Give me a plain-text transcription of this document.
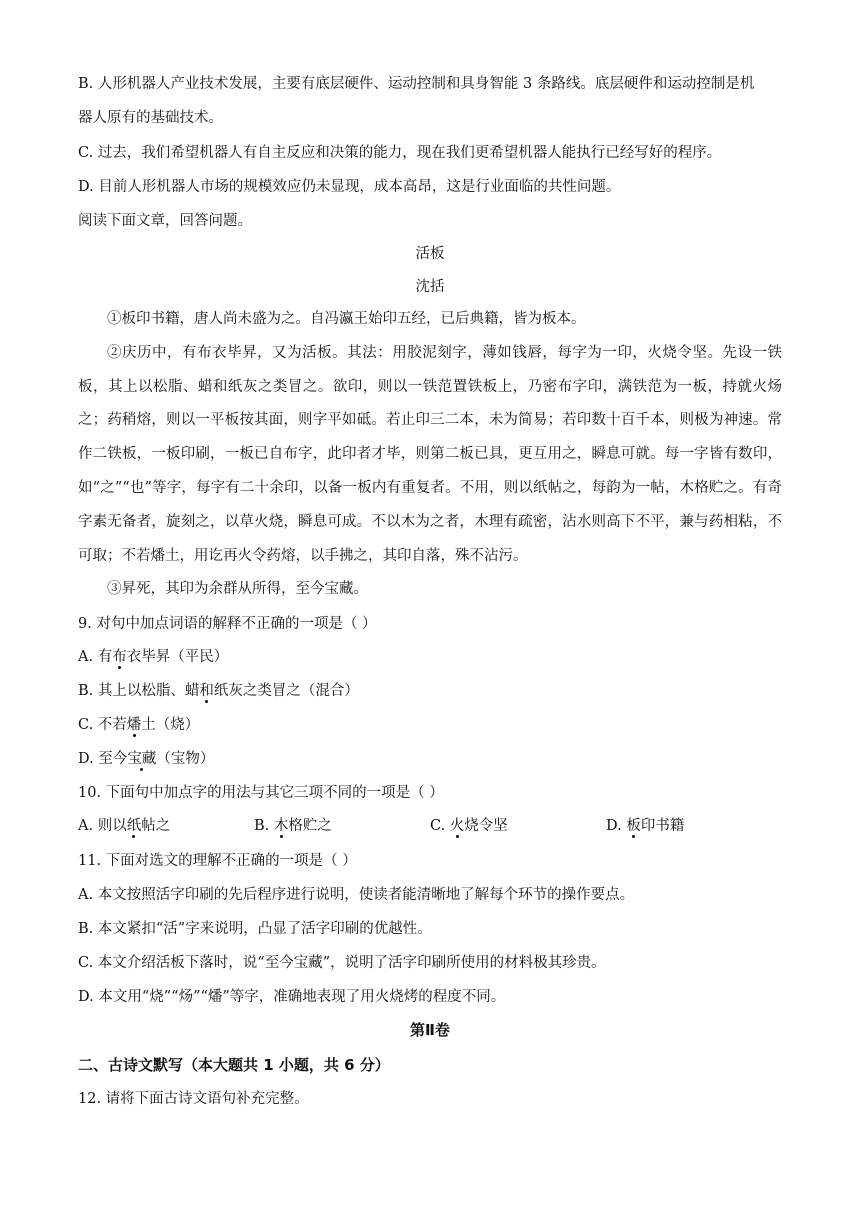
B. 人形机器人产业技术发展，主要有底层硬件、运动控制和具身智能 3 条路线。底层硬件和运动控制是机
器人原有的基础技术。
C. 过去，我们希望机器人有自主反应和决策的能力，现在我们更希望机器人能执行已经写好的程序。
D. 目前人形机器人市场的规模效应仍未显现，成本高昂，这是行业面临的共性问题。
阅读下面文章，回答问题。
活板
沈括

①板印书籍，唐人尚未盛为之。自冯瀛王始印五经，已后典籍，皆为板本。

②庆历中，有布衣毕昇，又为活板。其法：用胶泥刻字，薄如钱唇，每字为一印，火烧令坚。先设一铁板，其上以松脂、蜡和纸灰之类冒之。欲印，则以一铁范置铁板上，乃密布字印，满铁范为一板，持就火炀之；药稍熔，则以一平板按其面，则字平如砥。若止印三二本，未为简易；若印数十百千本，则极为神速。常作二铁板，一板印刷，一板已自布字，此印者才毕，则第二板已具，更互用之，瞬息可就。每一字皆有数印，如“之”“也”等字，每字有二十余印，以备一板内有重复者。不用，则以纸帖之，每韵为一帖，木格贮之。有奇字素无备者，旋刻之，以草火烧，瞬息可成。不以木为之者，木理有疏密，沾水则高下不平，兼与药相粘，不可取；不若燔土，用讫再火令药熔，以手拂之，其印自落，殊不沾污。

③昇死，其印为余群从所得，至今宝藏。

9. 对句中加点词语的解释不正确的一项是（ ）
A. 有布衣毕昇（平民）
B. 其上以松脂、蜡和纸灰之类冒之（混合）
C. 不若燔土（烧）
D. 至今宝藏（宝物）
10. 下面句中加点字的用法与其它三项不同的一项是（ ）
A. 则以纸帖之	B. 木格贮之	C. 火烧令坚	D. 板印书籍
11. 下面对选文的理解不正确的一项是（ ）
A. 本文按照活字印刷的先后程序进行说明，使读者能清晰地了解每个环节的操作要点。
B. 本文紧扣“活”字来说明，凸显了活字印刷的优越性。
C. 本文介绍活板下落时，说“至今宝藏”，说明了活字印刷所使用的材料极其珍贵。
D. 本文用“烧”“炀”“燔”等字，准确地表现了用火烧烤的程度不同。
第Ⅱ卷
二、古诗文默写（本大题共 1 小题，共 6 分）
12. 请将下面古诗文语句补充完整。
